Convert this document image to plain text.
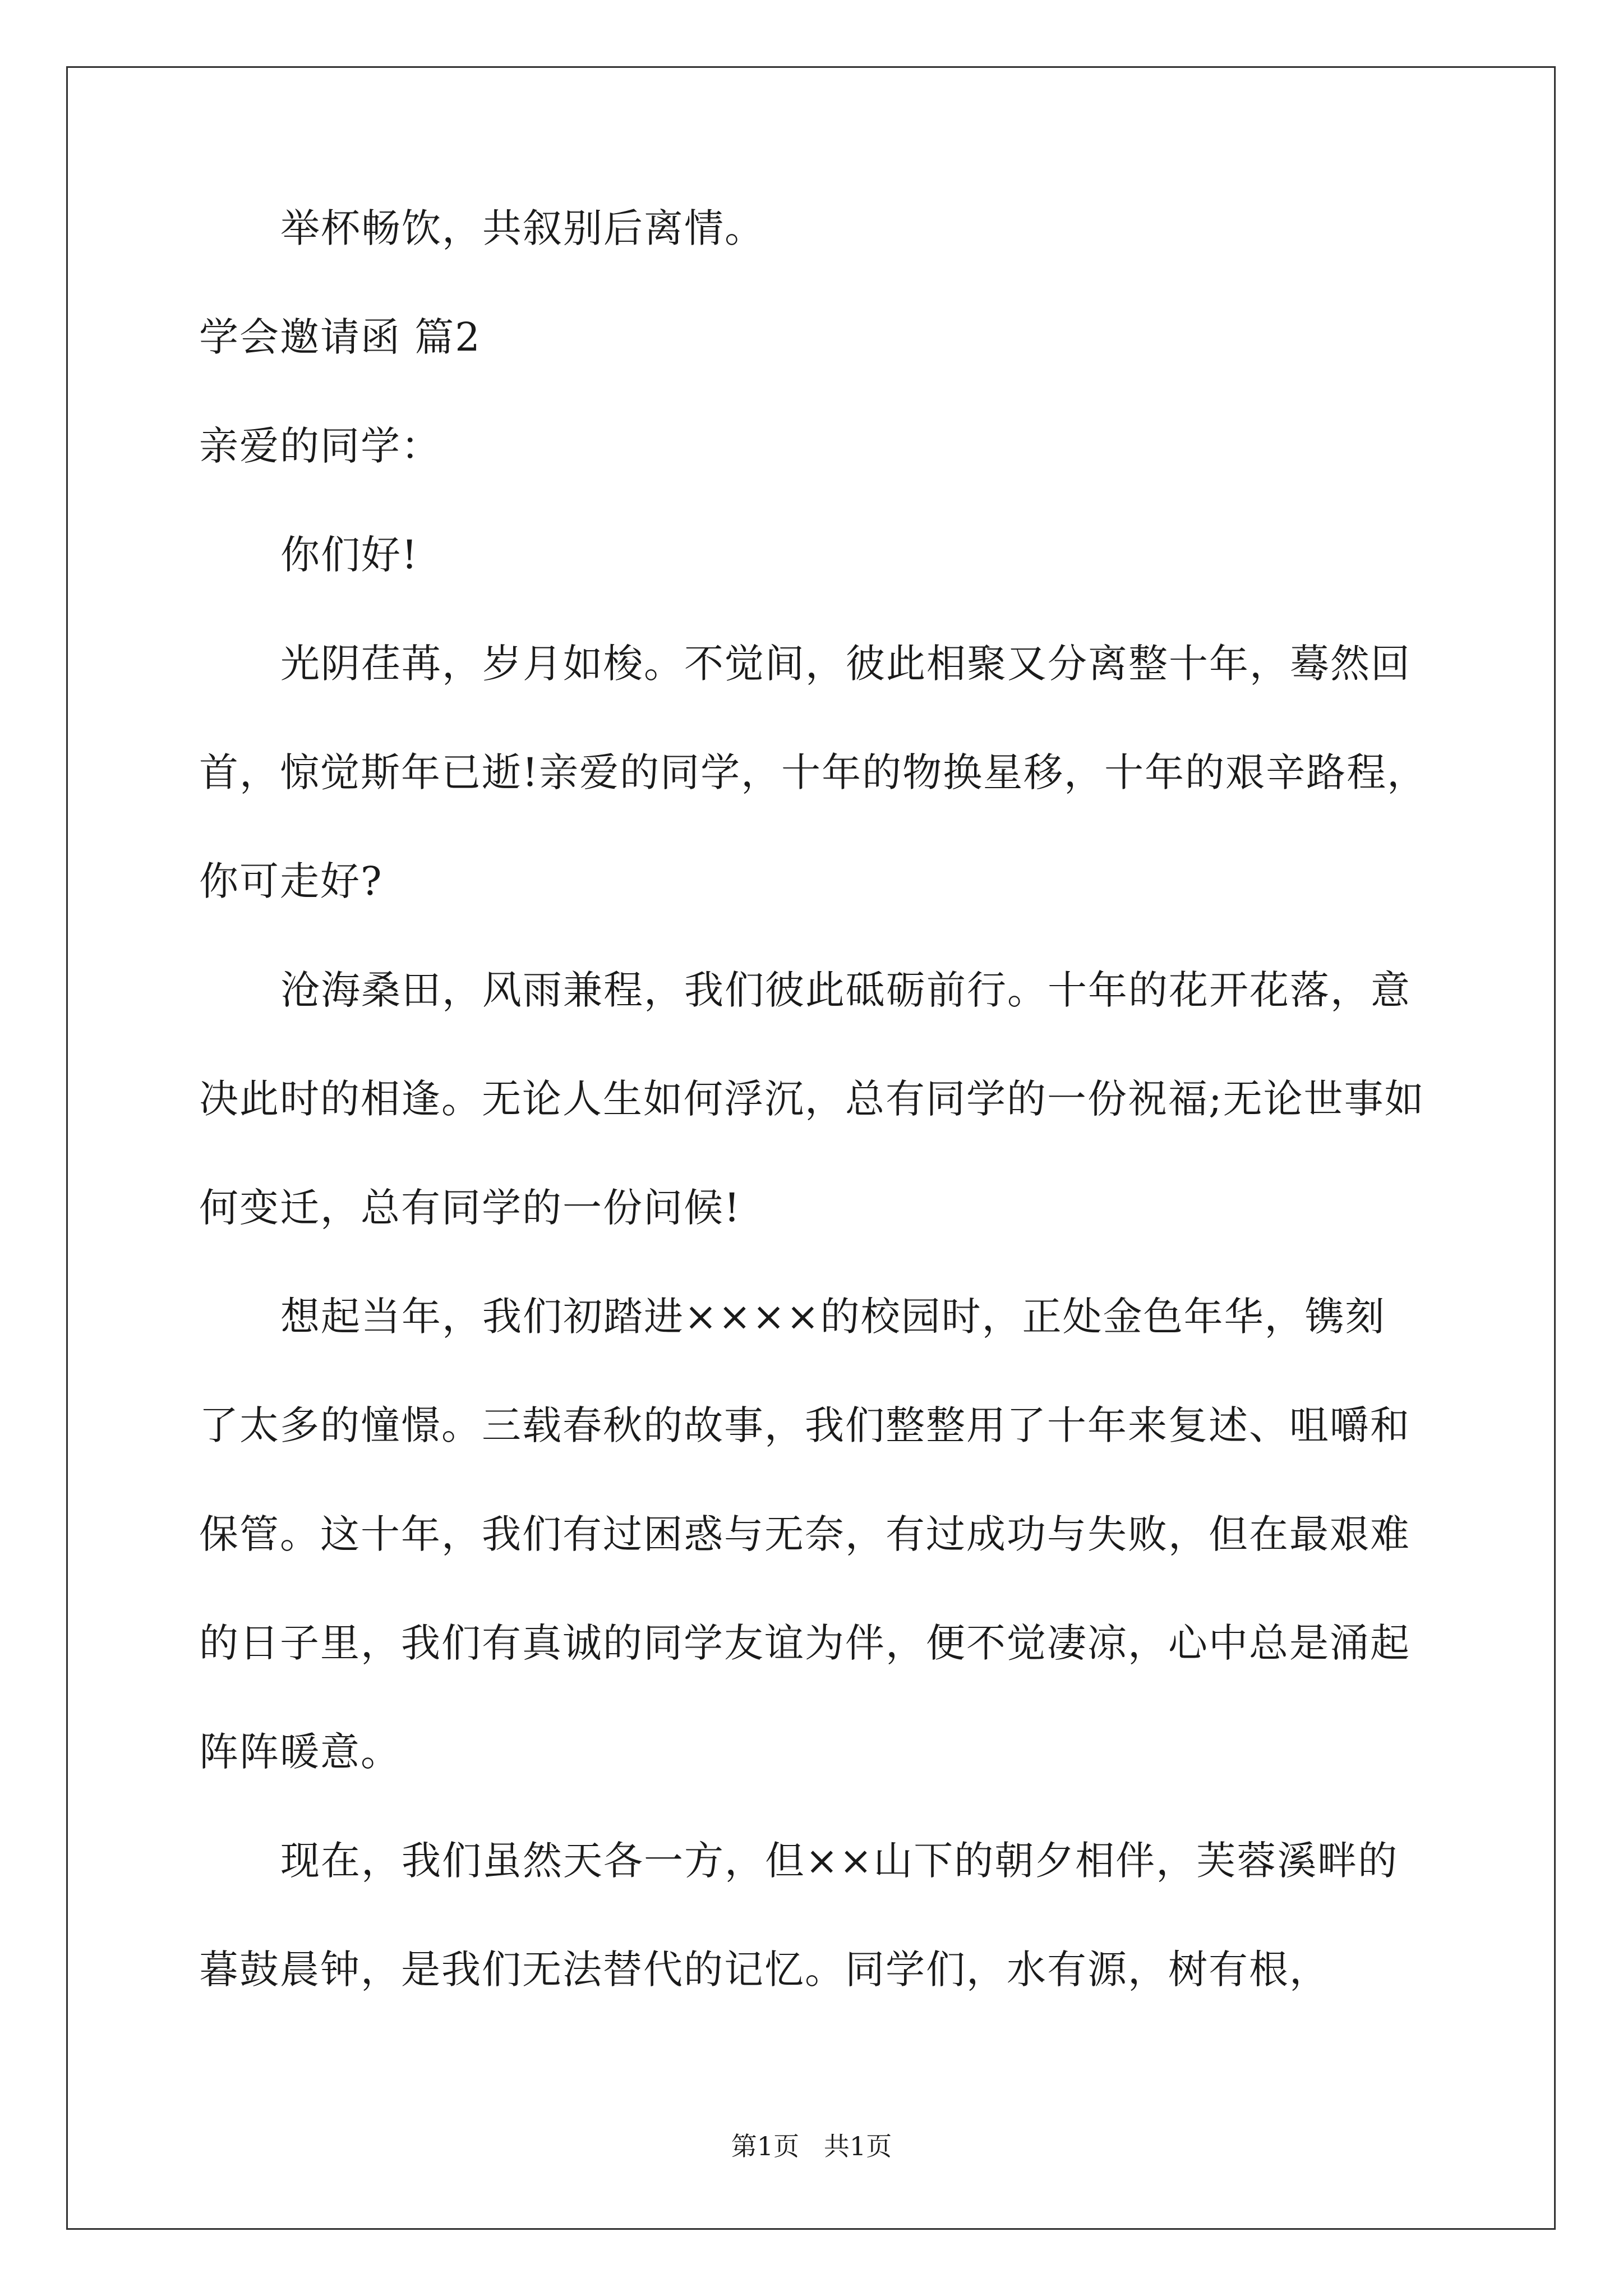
举杯畅饮，共叙别后离情。
学会邀请函 篇2
亲爱的同学：
你们好!
光阴荏苒，岁月如梭。不觉间，彼此相聚又分离整十年，蓦然回
首，惊觉斯年已逝!亲爱的同学，十年的物换星移，十年的艰辛路程，
你可走好?
沧海桑田，风雨兼程，我们彼此砥砺前行。十年的花开花落，意
决此时的相逢。无论人生如何浮沉，总有同学的一份祝福;无论世事如
何变迁，总有同学的一份问候!
想起当年，我们初踏进××××的校园时，正处金色年华，镌刻
了太多的憧憬。三载春秋的故事，我们整整用了十年来复述、咀嚼和
保管。这十年，我们有过困惑与无奈，有过成功与失败，但在最艰难
的日子里，我们有真诚的同学友谊为伴，便不觉凄凉，心中总是涌起
阵阵暖意。
现在，我们虽然天各一方，但××山下的朝夕相伴，芙蓉溪畔的
暮鼓晨钟，是我们无法替代的记忆。同学们，水有源，树有根，
第1页   共1页
